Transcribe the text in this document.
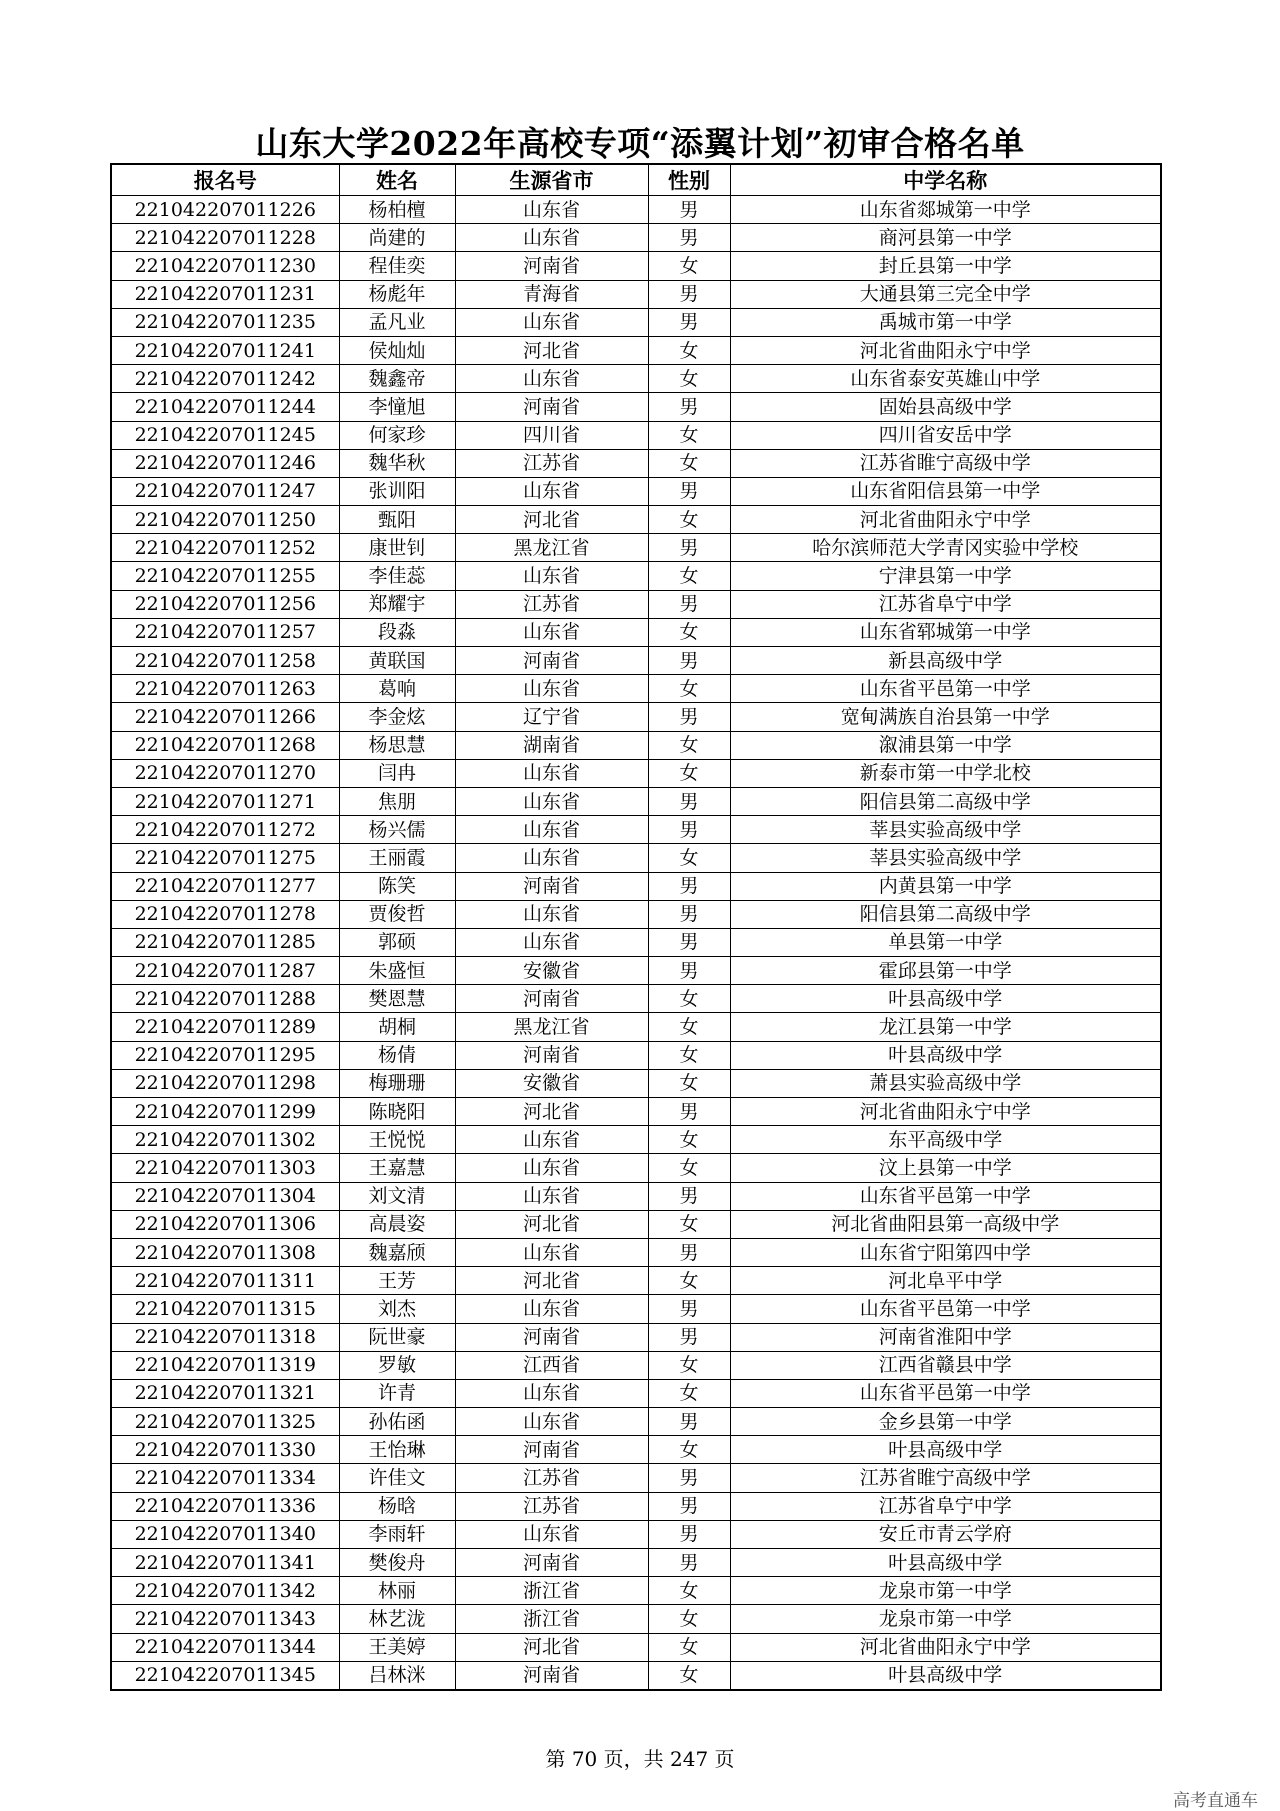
山东大学2022年高校专项“添翼计划”初审合格名单
报名号	姓名	生源省市	性别	中学名称
221042207011226	杨柏檀	山东省	男	山东省郯城第一中学
221042207011228	尚建的	山东省	男	商河县第一中学
221042207011230	程佳奕	河南省	女	封丘县第一中学
221042207011231	杨彪年	青海省	男	大通县第三完全中学
221042207011235	孟凡业	山东省	男	禹城市第一中学
221042207011241	侯灿灿	河北省	女	河北省曲阳永宁中学
221042207011242	魏鑫帝	山东省	女	山东省泰安英雄山中学
221042207011244	李憧旭	河南省	男	固始县高级中学
221042207011245	何家珍	四川省	女	四川省安岳中学
221042207011246	魏华秋	江苏省	女	江苏省睢宁高级中学
221042207011247	张训阳	山东省	男	山东省阳信县第一中学
221042207011250	甄阳	河北省	女	河北省曲阳永宁中学
221042207011252	康世钊	黑龙江省	男	哈尔滨师范大学青冈实验中学校
221042207011255	李佳蕊	山东省	女	宁津县第一中学
221042207011256	郑耀宇	江苏省	男	江苏省阜宁中学
221042207011257	段淼	山东省	女	山东省郓城第一中学
221042207011258	黄联国	河南省	男	新县高级中学
221042207011263	葛响	山东省	女	山东省平邑第一中学
221042207011266	李金炫	辽宁省	男	宽甸满族自治县第一中学
221042207011268	杨思慧	湖南省	女	溆浦县第一中学
221042207011270	闫冉	山东省	女	新泰市第一中学北校
221042207011271	焦朋	山东省	男	阳信县第二高级中学
221042207011272	杨兴儒	山东省	男	莘县实验高级中学
221042207011275	王丽霞	山东省	女	莘县实验高级中学
221042207011277	陈笑	河南省	男	内黄县第一中学
221042207011278	贾俊哲	山东省	男	阳信县第二高级中学
221042207011285	郭硕	山东省	男	单县第一中学
221042207011287	朱盛恒	安徽省	男	霍邱县第一中学
221042207011288	樊恩慧	河南省	女	叶县高级中学
221042207011289	胡桐	黑龙江省	女	龙江县第一中学
221042207011295	杨倩	河南省	女	叶县高级中学
221042207011298	梅珊珊	安徽省	女	萧县实验高级中学
221042207011299	陈晓阳	河北省	男	河北省曲阳永宁中学
221042207011302	王悦悦	山东省	女	东平高级中学
221042207011303	王嘉慧	山东省	女	汶上县第一中学
221042207011304	刘文清	山东省	男	山东省平邑第一中学
221042207011306	高晨姿	河北省	女	河北省曲阳县第一高级中学
221042207011308	魏嘉颀	山东省	男	山东省宁阳第四中学
221042207011311	王芳	河北省	女	河北阜平中学
221042207011315	刘杰	山东省	男	山东省平邑第一中学
221042207011318	阮世豪	河南省	男	河南省淮阳中学
221042207011319	罗敏	江西省	女	江西省赣县中学
221042207011321	许青	山东省	女	山东省平邑第一中学
221042207011325	孙佑函	山东省	男	金乡县第一中学
221042207011330	王怡琳	河南省	女	叶县高级中学
221042207011334	许佳文	江苏省	男	江苏省睢宁高级中学
221042207011336	杨晗	江苏省	男	江苏省阜宁中学
221042207011340	李雨轩	山东省	男	安丘市青云学府
221042207011341	樊俊舟	河南省	男	叶县高级中学
221042207011342	林丽	浙江省	女	龙泉市第一中学
221042207011343	林艺泷	浙江省	女	龙泉市第一中学
221042207011344	王美婷	河北省	女	河北省曲阳永宁中学
221042207011345	吕林洣	河南省	女	叶县高级中学
第 70 页，共 247 页
高考直通车
